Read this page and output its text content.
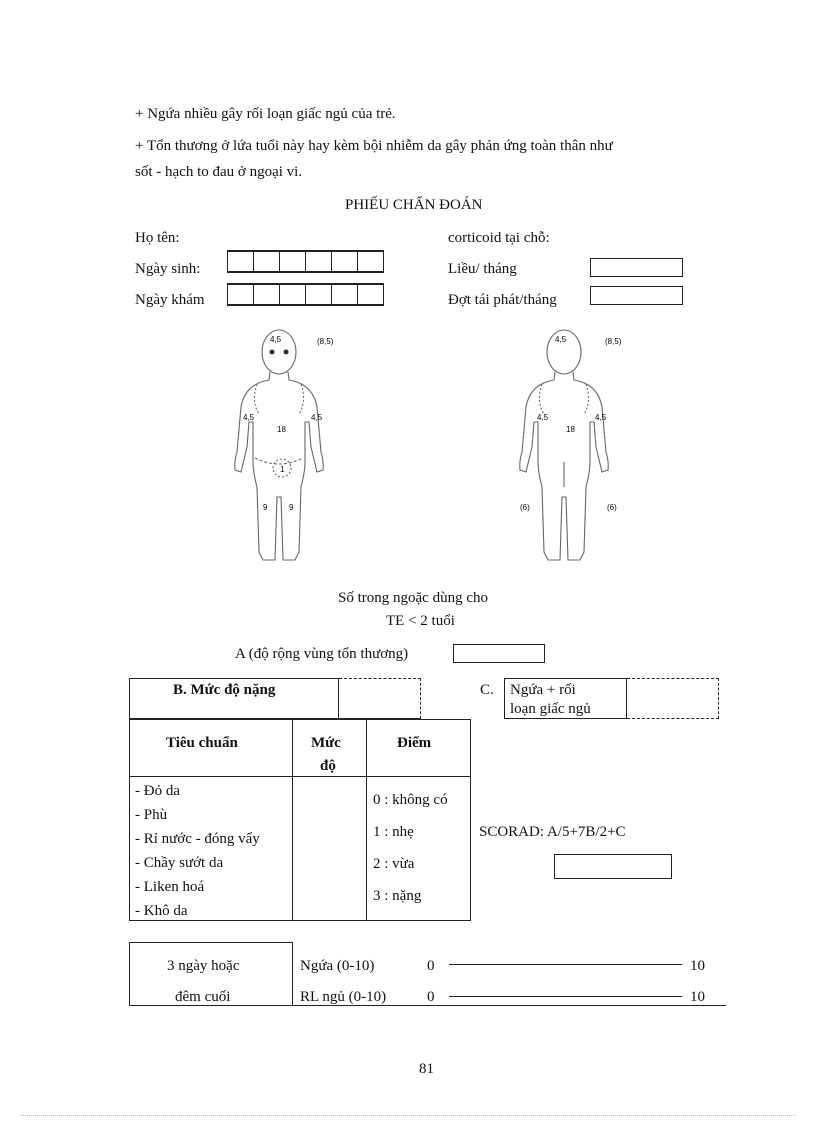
+ Ngứa nhiều gây rối loạn giấc ngủ của trẻ.
+ Tổn thương ở lứa tuổi này hay kèm bội nhiễm da gây phản ứng toàn thân như
sốt - hạch to đau ở ngoại vi.
PHIẾU CHẨN ĐOÁN
Họ tên:
Ngày sinh:
Ngày khám
corticoid tại chỗ:
Liều/ tháng
Đợt tái phát/tháng
4,5	(8,5)
4,5	4,5
18
1
9	9
4,5	(8,5)
4,5	4,5
18
(6)	(6)
Số trong ngoặc dùng cho
TE < 2 tuổi
A (độ rộng vùng tổn thương)
B. Mức độ nặng	C. Ngứa + rối
loạn giấc ngủ
Tiêu chuẩn	Mức
độ
Điểm
- Đỏ da
- Phù
- Rỉ nước - đóng vẩy
- Chầy sướt da
- Liken hoá
- Khô da
0 : không có
1 : nhẹ
2 : vừa
3 : nặng
SCORAD: A/5+7B/2+C
3 ngày hoặc
đêm cuối
Ngứa (0-10)	0	10
RL ngủ (0-10)	0	10
81
